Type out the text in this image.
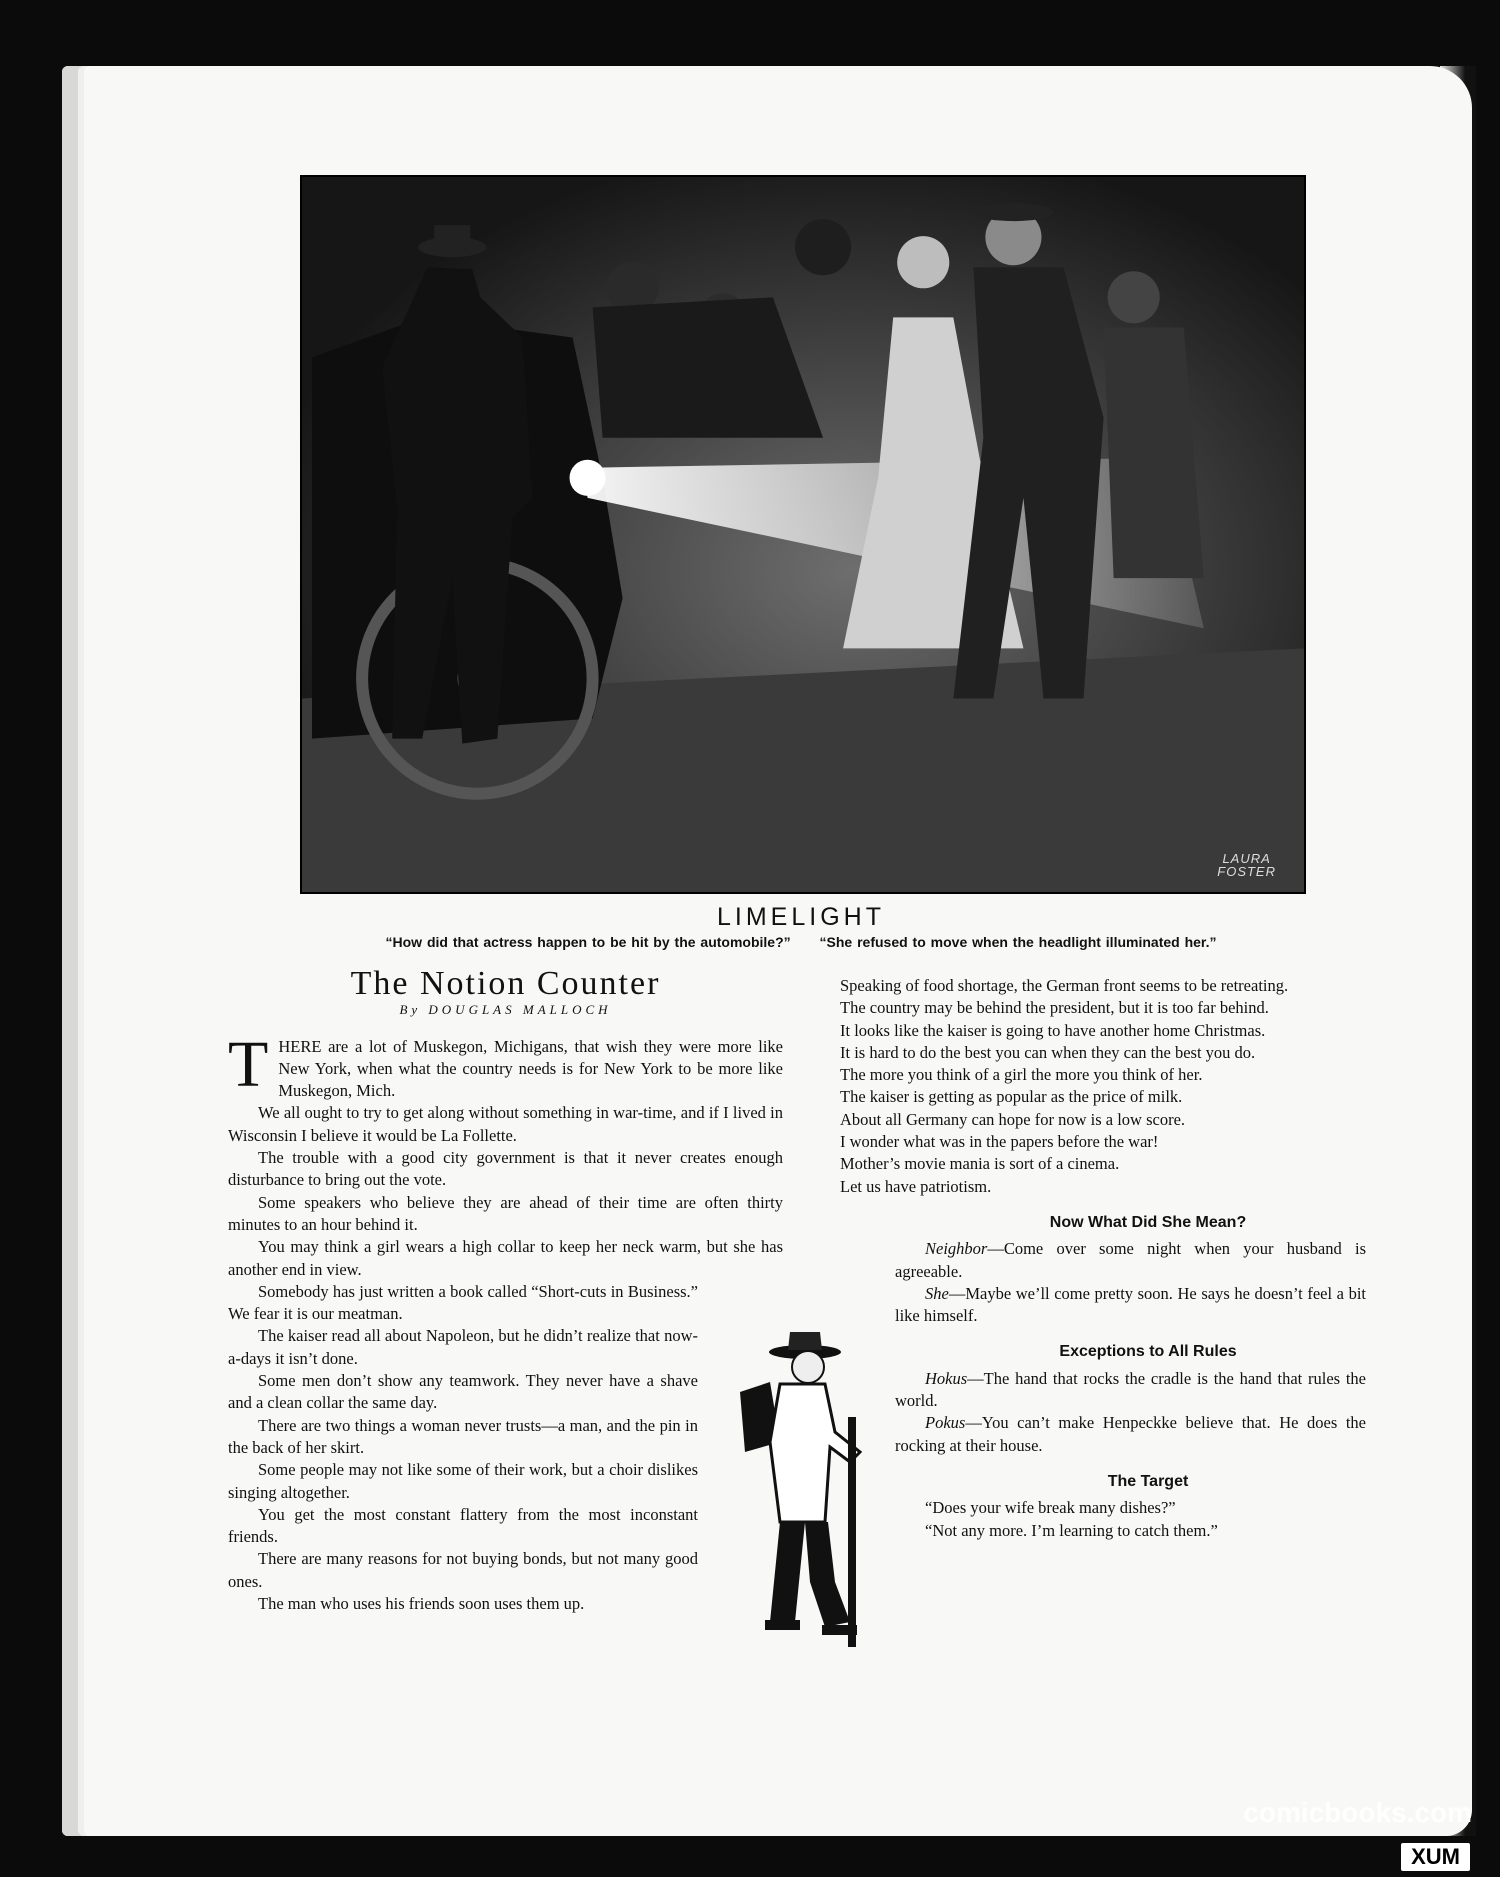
LAURA
FOSTER
LIMELIGHT
“How did that actress happen to be hit by the automobile?” “She refused to move when the headlight illuminated her.”
The Notion Counter
By DOUGLAS MALLOCH

THERE are a lot of Muskegon, Michigans, that wish they were more like New York, when what the country needs is for New York to be more like Muskegon, Mich.

We all ought to try to get along without something in war-time, and if I lived in Wisconsin I believe it would be La Follette.

The trouble with a good city government is that it never creates enough disturbance to bring out the vote.

Some speakers who believe they are ahead of their time are often thirty minutes to an hour behind it.

You may think a girl wears a high collar to keep her neck warm, but she has another end in view.

Somebody has just written a book called “Short-cuts in Business.” We fear it is our meatman.

The kaiser read all about Napoleon, but he didn’t realize that now-a-days it isn’t done.

Some men don’t show any teamwork. They never have a shave and a clean collar the same day.

There are two things a woman never trusts—a man, and the pin in the back of her skirt.

Some people may not like some of their work, but a choir dislikes singing altogether.

You get the most constant flattery from the most inconstant friends.

There are many reasons for not buying bonds, but not many good ones.

The man who uses his friends soon uses them up.

Speaking of food shortage, the German front seems to be retreating.

The country may be behind the president, but it is too far behind.

It looks like the kaiser is going to have another home Christmas.

It is hard to do the best you can when they can the best you do.

The more you think of a girl the more you think of her.

The kaiser is getting as popular as the price of milk.

About all Germany can hope for now is a low score.

I wonder what was in the papers before the war!

Mother’s movie mania is sort of a cinema.

Let us have patriotism.

Now What Did She Mean?

Neighbor—Come over some night when your husband is agreeable.

She—Maybe we’ll come pretty soon. He says he doesn’t feel a bit like himself.

Exceptions to All Rules

Hokus—The hand that rocks the cradle is the hand that rules the world.

Pokus—You can’t make Henpeckke believe that. He does the rocking at their house.

The Target

“Does your wife break many dishes?”

“Not any more. I’m learning to catch them.”

comicbooks.com
XUM
